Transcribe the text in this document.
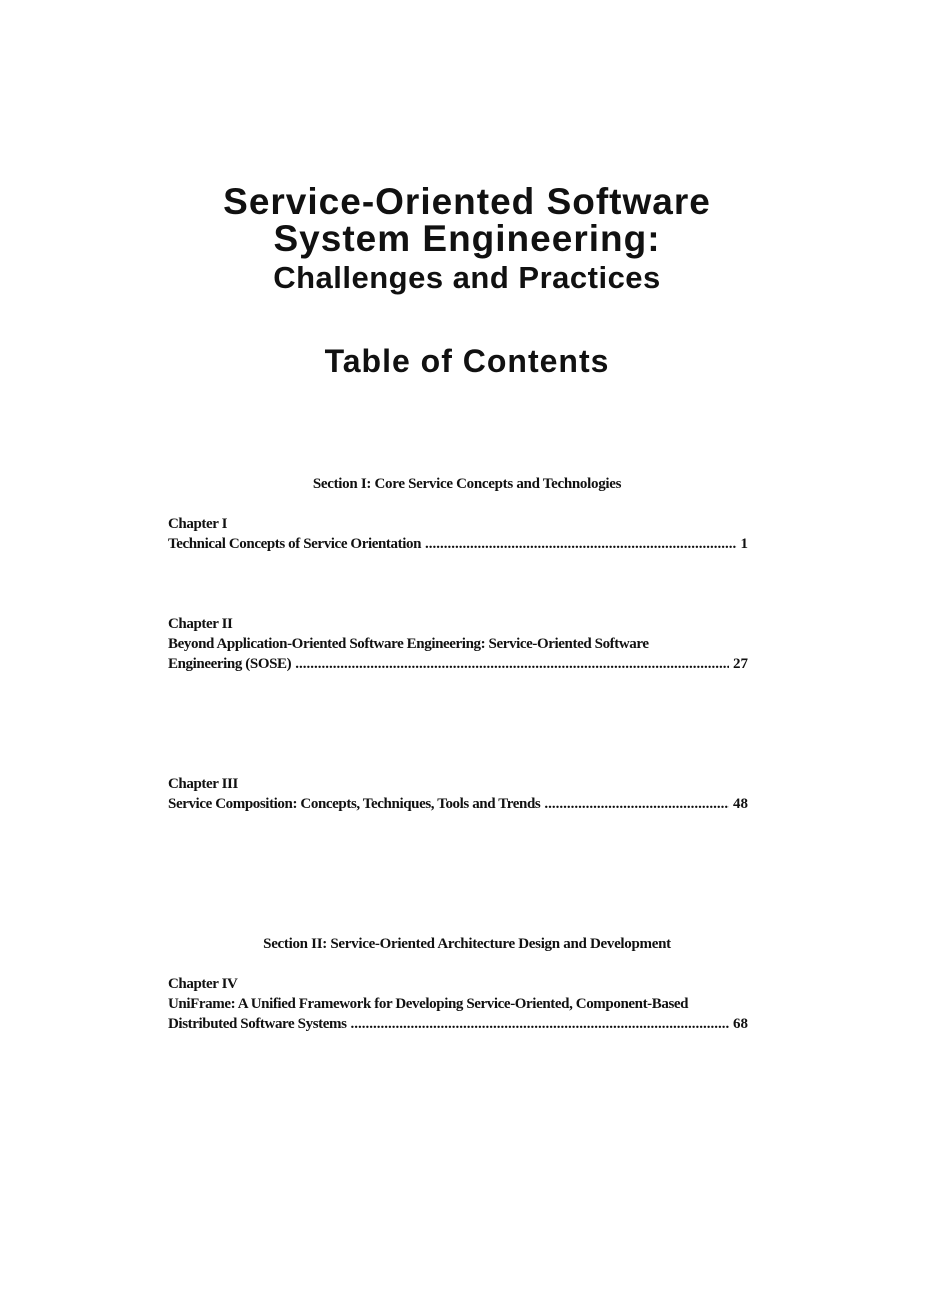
Service-Oriented Software
System Engineering:
Challenges and Practices
Table of Contents
Section I: Core Service Concepts and Technologies
Chapter I
Technical Concepts of Service Orientation .....	1
Chapter II
Beyond Application-Oriented Software Engineering: Service-Oriented Software
Engineering (SOSE) .....	27
Chapter III
Service Composition: Concepts, Techniques, Tools and Trends .....	48
Section II: Service-Oriented Architecture Design and Development
Chapter IV
UniFrame: A Unified Framework for Developing Service-Oriented, Component-Based
Distributed Software Systems .....	68
